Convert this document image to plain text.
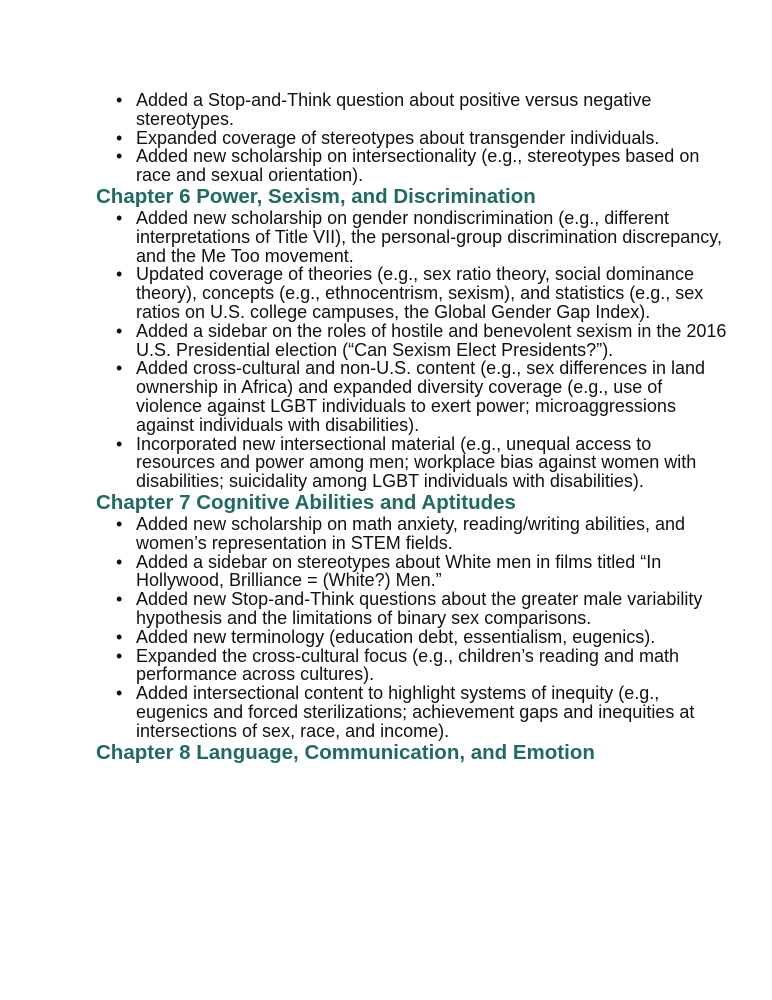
• Added a Stop-and-Think question about positive versus negative stereotypes.
• Expanded coverage of stereotypes about transgender individuals.
• Added new scholarship on intersectionality (e.g., stereotypes based on race and sexual orientation).
Chapter 6 Power, Sexism, and Discrimination
• Added new scholarship on gender nondiscrimination (e.g., different interpretations of Title VII), the personal-group discrimination discrepancy, and the Me Too movement.
• Updated coverage of theories (e.g., sex ratio theory, social dominance theory), concepts (e.g., ethnocentrism, sexism), and statistics (e.g., sex ratios on U.S. college campuses, the Global Gender Gap Index).
• Added a sidebar on the roles of hostile and benevolent sexism in the 2016 U.S. Presidential election (“Can Sexism Elect Presidents?”).
• Added cross-cultural and non-U.S. content (e.g., sex differences in land ownership in Africa) and expanded diversity coverage (e.g., use of violence against LGBT individuals to exert power; microaggressions against individuals with disabilities).
• Incorporated new intersectional material (e.g., unequal access to resources and power among men; workplace bias against women with disabilities; suicidality among LGBT individuals with disabilities).
Chapter 7 Cognitive Abilities and Aptitudes
• Added new scholarship on math anxiety, reading/writing abilities, and women’s representation in STEM fields.
• Added a sidebar on stereotypes about White men in films titled “In Hollywood, Brilliance = (White?) Men.”
• Added new Stop-and-Think questions about the greater male variability hypothesis and the limitations of binary sex comparisons.
• Added new terminology (education debt, essentialism, eugenics).
• Expanded the cross-cultural focus (e.g., children’s reading and math performance across cultures).
• Added intersectional content to highlight systems of inequity (e.g., eugenics and forced sterilizations; achievement gaps and inequities at intersections of sex, race, and income).
Chapter 8 Language, Communication, and Emotion
